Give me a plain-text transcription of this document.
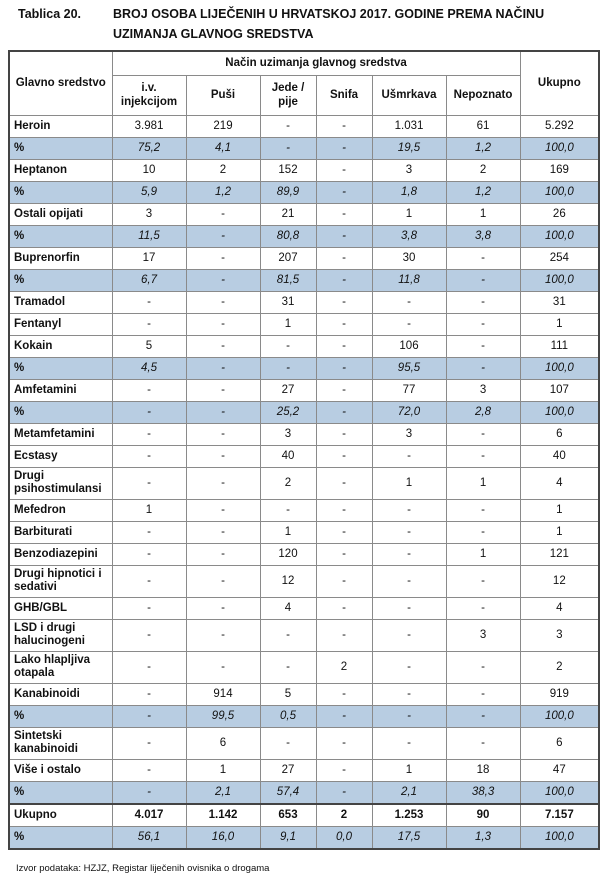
Tablica 20.	BROJ OSOBA LIJEČENIH U HRVATSKOJ 2017. GODINE PREMA NAČINU UZIMANJA GLAVNOG SREDSTVA
Glavno sredstvo	Način uzimanja glavnog sredstva						Ukupno
	i.v. injekcijom	Puši	Jede / pije	Snifa	Ušmrkava	Nepoznato	
Heroin	3.981	219	-	-	1.031	61	5.292
%	75,2	4,1	-	-	19,5	1,2	100,0
Heptanon	10	2	152	-	3	2	169
%	5,9	1,2	89,9	-	1,8	1,2	100,0
Ostali opijati	3	-	21	-	1	1	26
%	11,5	-	80,8	-	3,8	3,8	100,0
Buprenorfin	17	-	207	-	30	-	254
%	6,7	-	81,5	-	11,8	-	100,0
Tramadol	-	-	31	-	-	-	31
Fentanyl	-	-	1	-	-	-	1
Kokain	5	-	-	-	106	-	111
%	4,5	-	-	-	95,5	-	100,0
Amfetamini	-	-	27	-	77	3	107
%	-	-	25,2	-	72,0	2,8	100,0
Metamfetamini	-	-	3	-	3	-	6
Ecstasy	-	-	40	-	-	-	40
Drugi psihostimulansi	-	-	2	-	1	1	4
Mefedron	1	-	-	-	-	-	1
Barbiturati	-	-	1	-	-	-	1
Benzodiazepini	-	-	120	-	-	1	121
Drugi hipnotici i sedativi	-	-	12	-	-	-	12
GHB/GBL	-	-	4	-	-	-	4
LSD i drugi halucinogeni	-	-	-	-	-	3	3
Lako hlapljiva otapala	-	-	-	2	-	-	2
Kanabinoidi	-	914	5	-	-	-	919
%	-	99,5	0,5	-	-	-	100,0
Sintetski kanabinoidi	-	6	-	-	-	-	6
Više i ostalo	-	1	27	-	1	18	47
%	-	2,1	57,4	-	2,1	38,3	100,0
Ukupno	4.017	1.142	653	2	1.253	90	7.157
%	56,1	16,0	9,1	0,0	17,5	1,3	100,0
Izvor podataka: HZJZ, Registar liječenih ovisnika o drogama
